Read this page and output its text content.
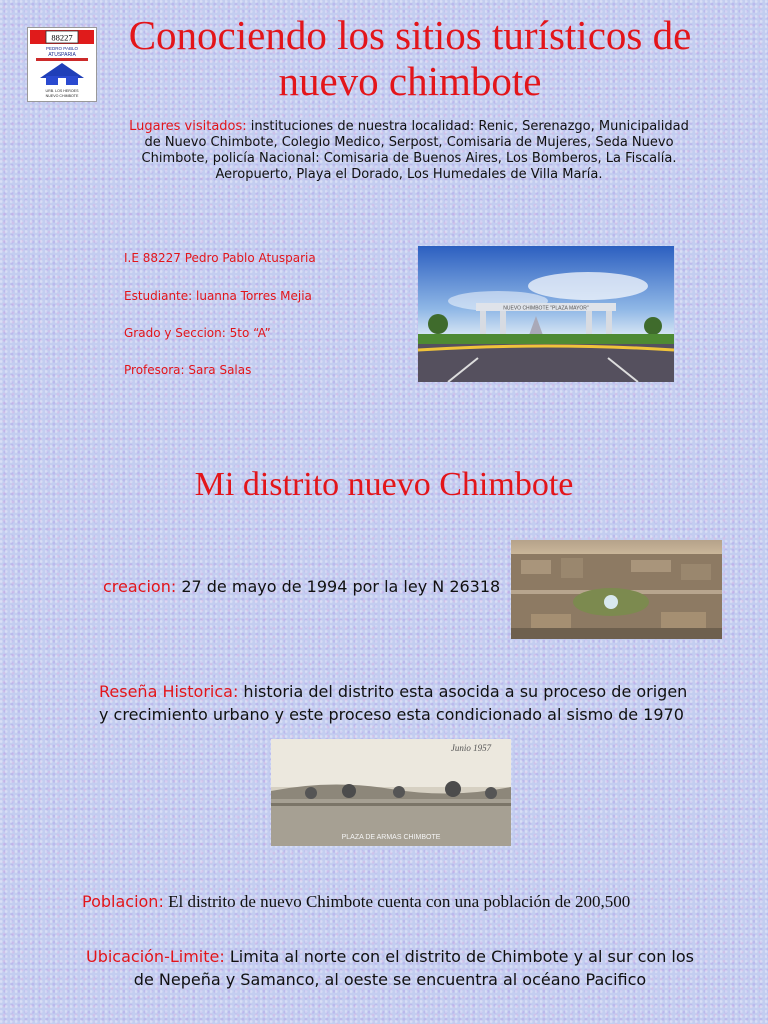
88227
PEDRO PABLO
ATUSPARIA
URB. LOS HEROES
NUEVO CHIMBOTE
Conociendo los sitios turísticos de nuevo chimbote
Lugares visitados: instituciones de nuestra localidad: Renic, Serenazgo, Municipalidad de Nuevo Chimbote, Colegio Medico, Serpost, Comisaria de Mujeres, Seda Nuevo Chimbote, policía Nacional: Comisaria de Buenos Aires, Los Bomberos, La Fiscalía. Aeropuerto, Playa el Dorado, Los Humedales de Villa María.
I.E 88227 Pedro Pablo Atusparia
Estudiante: luanna Torres Mejia
Grado y Seccion: 5to “A”
Profesora: Sara Salas
NUEVO CHIMBOTE "PLAZA MAYOR"
Mi distrito nuevo Chimbote
creacion: 27 de mayo de 1994 por la ley N 26318
Reseña Historica: historia del distrito esta asocida a su proceso de origen y crecimiento urbano y este proceso esta condicionado al sismo de 1970
Junio 1957
PLAZA DE ARMAS CHIMBOTE
Poblacion: El distrito de nuevo Chimbote cuenta con una población de 200,500
Ubicación-Limite: Limita al norte con el distrito de Chimbote y al sur con los de Nepeña y Samanco, al oeste se encuentra al océano Pacifico
